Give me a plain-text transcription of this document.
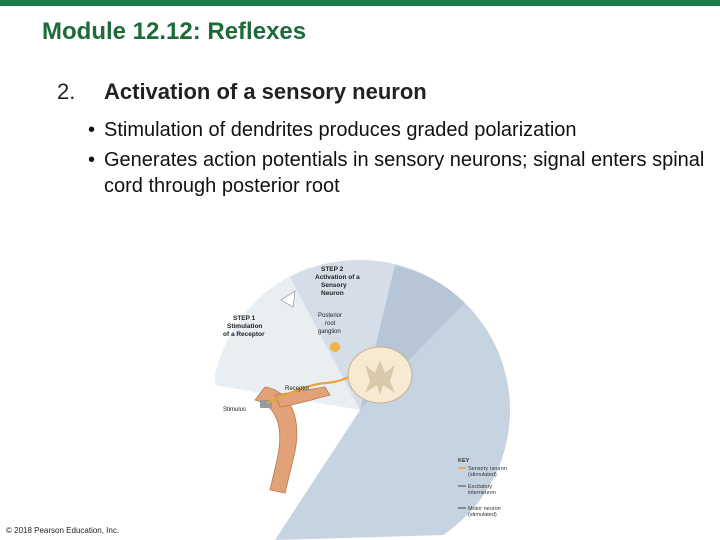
Module 12.12: Reflexes
2. Activation of a sensory neuron
• Stimulation of dendrites produces graded polarization
• Generates action potentials in sensory neurons; signal enters spinal cord through posterior root
STEP 2
Activation of a
Sensory
Neuron
STEP 1
Stimulation
of a Receptor
Posterior
root
ganglion
Receptor
Stimulus
KEY
Sensory neuron
(stimulated)
Excitatory
interneuron
Motor neuron
(stimulated)
© 2018 Pearson Education, Inc.
